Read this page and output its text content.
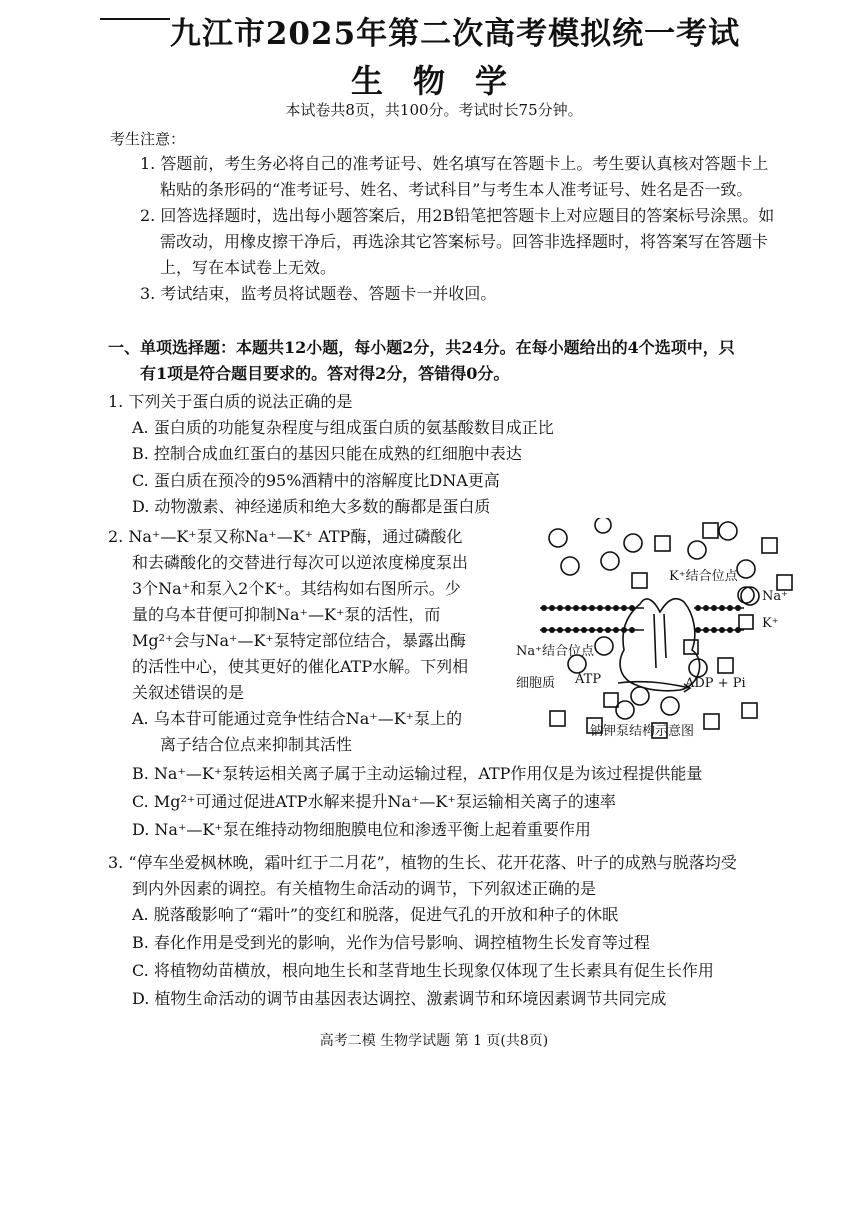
九江市2025年第二次高考模拟统一考试
生物学
本试卷共8页，共100分。考试时长75分钟。
考生注意：
1. 答题前，考生务必将自己的准考证号、姓名填写在答题卡上。考生要认真核对答题卡上
粘贴的条形码的“准考证号、姓名、考试科目”与考生本人准考证号、姓名是否一致。
2. 回答选择题时，选出每小题答案后，用2B铅笔把答题卡上对应题目的答案标号涂黑。如
需改动，用橡皮擦干净后，再选涂其它答案标号。回答非选择题时，将答案写在答题卡
上，写在本试卷上无效。
3. 考试结束，监考员将试题卷、答题卡一并收回。
一、单项选择题：本题共12小题，每小题2分，共24分。在每小题给出的4个选项中，只
有1项是符合题目要求的。答对得2分，答错得0分。
1. 下列关于蛋白质的说法正确的是
A. 蛋白质的功能复杂程度与组成蛋白质的氨基酸数目成正比
B. 控制合成血红蛋白的基因只能在成熟的红细胞中表达
C. 蛋白质在预冷的95%酒精中的溶解度比DNA更高
D. 动物激素、神经递质和绝大多数的酶都是蛋白质
2. Na⁺—K⁺泵又称Na⁺—K⁺ ATP酶，通过磷酸化
和去磷酸化的交替进行每次可以逆浓度梯度泵出
3个Na⁺和泵入2个K⁺。其结构如右图所示。少
量的乌本苷便可抑制Na⁺—K⁺泵的活性，而
Mg²⁺会与Na⁺—K⁺泵特定部位结合，暴露出酶
的活性中心，使其更好的催化ATP水解。下列相
关叙述错误的是
A. 乌本苷可能通过竞争性结合Na⁺—K⁺泵上的
离子结合位点来抑制其活性
B. Na⁺—K⁺泵转运相关离子属于主动运输过程，ATP作用仅是为该过程提供能量
C. Mg²⁺可通过促进ATP水解来提升Na⁺—K⁺泵运输相关离子的速率
D. Na⁺—K⁺泵在维持动物细胞膜电位和渗透平衡上起着重要作用
Na⁺
K⁺
K⁺结合位点
Na⁺结合位点
细胞质 ATP	ADP + Pi
钠钾泵结构示意图
3. “停车坐爱枫林晚，霜叶红于二月花”，植物的生长、花开花落、叶子的成熟与脱落均受
到内外因素的调控。有关植物生命活动的调节，下列叙述正确的是
A. 脱落酸影响了“霜叶”的变红和脱落，促进气孔的开放和种子的休眠
B. 春化作用是受到光的影响，光作为信号影响、调控植物生长发育等过程
C. 将植物幼苗横放，根向地生长和茎背地生长现象仅体现了生长素具有促生长作用
D. 植物生命活动的调节由基因表达调控、激素调节和环境因素调节共同完成
高考二模 生物学试题 第 1 页(共8页)
